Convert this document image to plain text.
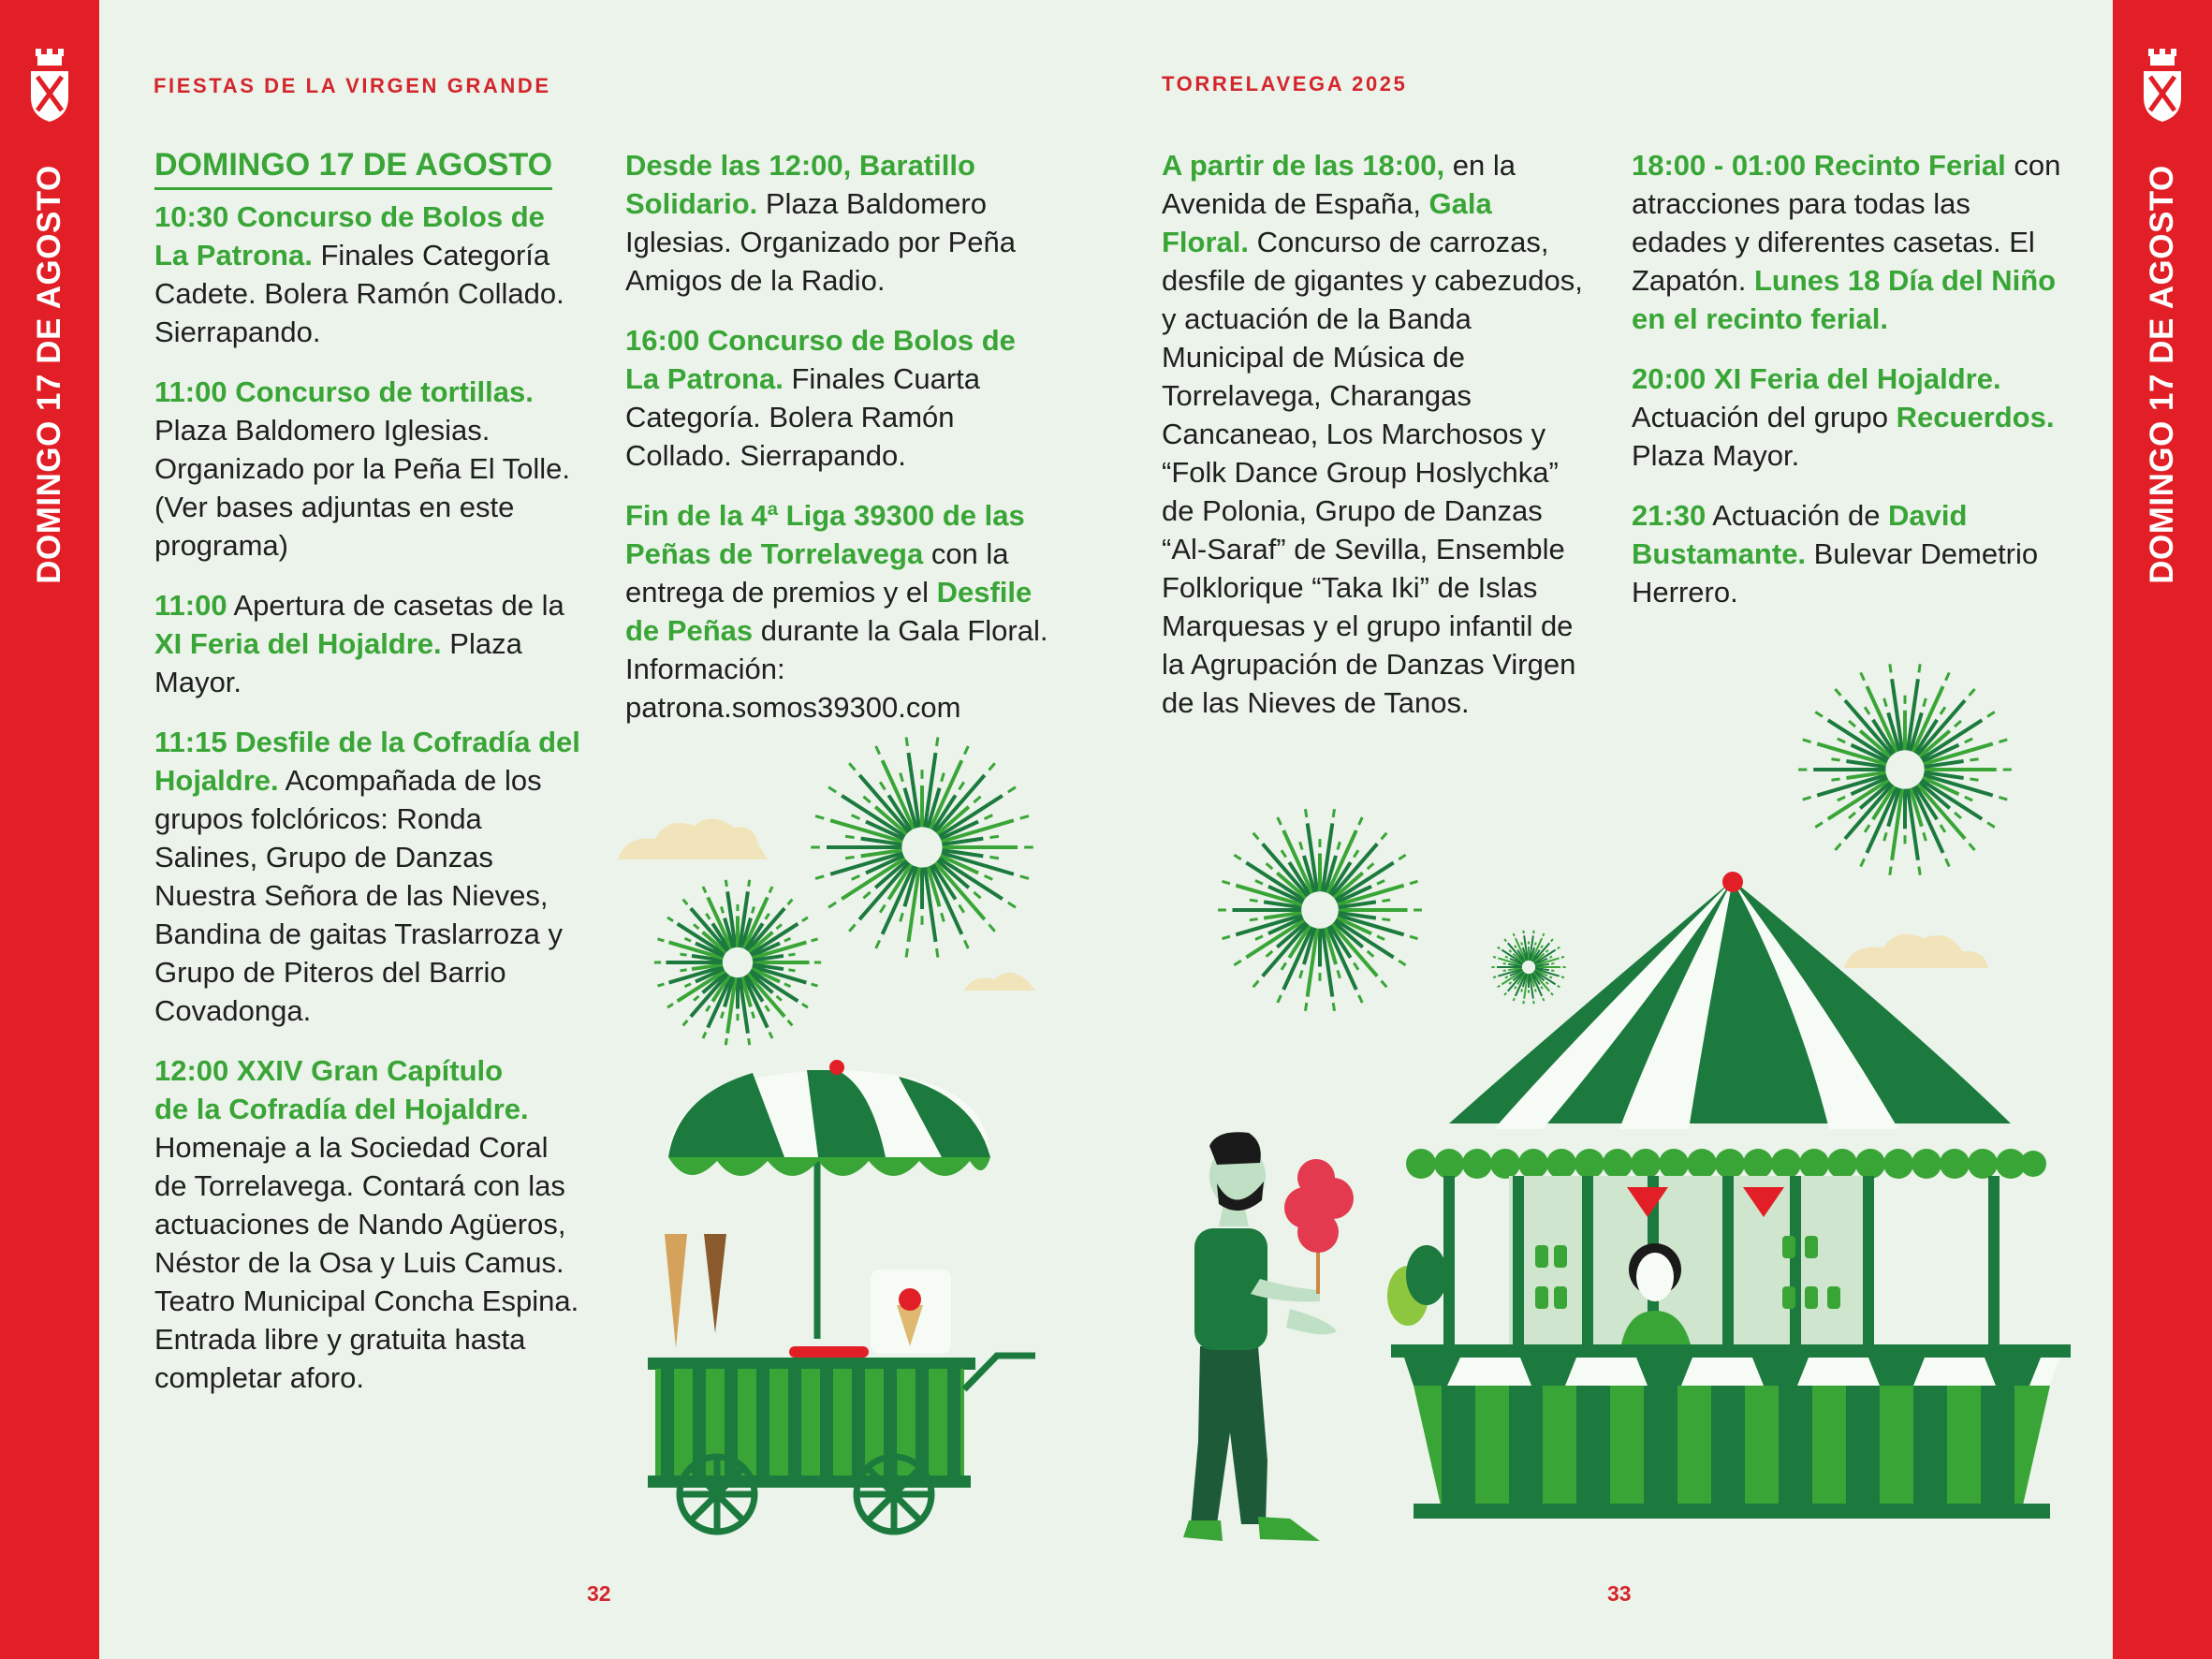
DOMINGO 17 DE AGOSTO	DOMINGO 17 DE AGOSTO
FIESTAS DE LA VIRGEN GRANDE	TORRELAVEGA 2025
DOMINGO 17 DE AGOSTO

10:30 Concurso de Bolos de La Patrona. Finales Categoría Cadete. Bolera Ramón Collado. Sierrapando.

11:00 Concurso de tortillas. Plaza Baldomero Iglesias. Organizado por la Peña El Tolle. (Ver bases adjuntas en este programa)

11:00 Apertura de casetas de la XI Feria del Hojaldre. Plaza Mayor.

11:15 Desfile de la Cofradía del Hojaldre. Acompañada de los grupos folclóricos: Ronda Salines, Grupo de Danzas Nuestra Señora de las Nieves, Bandina de gaitas Traslarroza y Grupo de Piteros del Barrio Covadonga.

12:00 XXIV Gran Capítulo
de la Cofradía del Hojaldre.
Homenaje a la Sociedad Coral de Torrelavega. Contará con las actuaciones de Nando Agüeros, Néstor de la Osa y Luis Camus. Teatro Municipal Concha Espina. Entrada libre y gratuita hasta completar aforo.

Desde las 12:00, Baratillo Solidario. Plaza Baldomero Iglesias. Organizado por Peña Amigos de la Radio.

16:00 Concurso de Bolos de La Patrona. Finales Cuarta Categoría. Bolera Ramón Collado. Sierrapando.

Fin de la 4ª Liga 39300 de las Peñas de Torrelavega con la entrega de premios y el Desfile de Peñas durante la Gala Floral. Información: patrona.somos39300.com

A partir de las 18:00, en la Avenida de España, Gala Floral. Concurso de carrozas, desfile de gigantes y cabezudos, y actuación de la Banda Municipal de Música de Torrelavega, Charangas Cancaneao, Los Marchosos y “Folk Dance Group Hoslychka” de Polonia, Grupo de Danzas “Al-Saraf” de Sevilla, Ensemble Folklorique “Taka Iki” de Islas Marquesas y el grupo infantil de la Agrupación de Danzas Virgen de las Nieves de Tanos.

18:00 - 01:00 Recinto Ferial con atracciones para todas las edades y diferentes casetas. El Zapatón. Lunes 18 Día del Niño en el recinto ferial.

20:00 XI Feria del Hojaldre. Actuación del grupo Recuerdos. Plaza Mayor.

21:30 Actuación de David Bustamante. Bulevar Demetrio Herrero.

32	33
